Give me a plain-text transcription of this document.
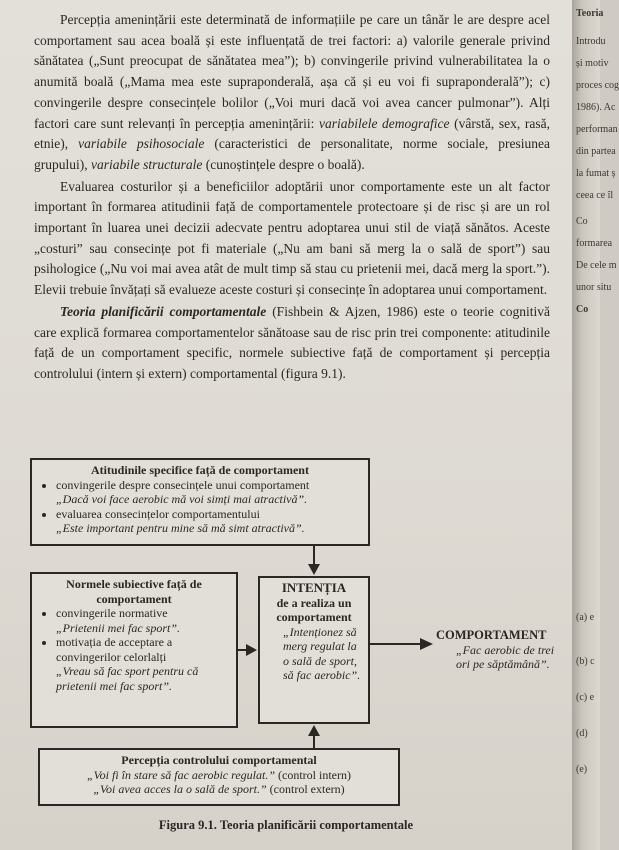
Percepția amenințării este determinată de informațiile pe care un tânăr le are despre acel comportament sau acea boală și este influențată de trei factori: a) valorile generale privind sănătatea („Sunt preocupat de sănătatea mea”); b) convingerile privind vulnerabilitatea la o anumită boală („Mama mea este supraponderală, așa că și eu voi fi supraponderală”); c) convingerile despre consecințele bolilor („Voi muri dacă voi avea cancer pulmonar”). Alți factori care sunt relevanți în percepția amenințării: variabilele demografice (vârstă, sex, rasă, etnie), variabile psihosociale (caracteristici de personalitate, norme sociale, presiunea grupului), variabile structurale (cunoștințele despre o boală).

Evaluarea costurilor și a beneficiilor adoptării unor comportamente este un alt factor important în formarea atitudinii față de comportamentele protectoare și de risc și are un rol important în luarea unei decizii adecvate pentru adoptarea unui stil de viață sănătos. Aceste „costuri” sau consecințe pot fi materiale („Nu am bani să merg la o sală de sport”) sau psihologice („Nu voi mai avea atât de mult timp să stau cu prietenii mei, dacă merg la sport.”). Elevii trebuie învățați să evalueze aceste costuri și consecințe în adoptarea unui comportament.

Teoria planificării comportamentale (Fishbein & Ajzen, 1986) este o teorie cognitivă care explică formarea comportamentelor sănătoase sau de risc prin trei componente: atitudinile față de un comportament specific, normele subiective față de comportament și percepția controlului (intern și extern) comportamental (figura 9.1).

Atitudinile specifice față de comportament
• convingerile despre consecințele unui comportament
„Dacă voi face aerobic mă voi simți mai atractivă”.
• evaluarea consecințelor comportamentului
„Este important pentru mine să mă simt atractivă”.
Normele subiective față de comportament
• convingerile normative
„Prietenii mei fac sport”.
• motivația de acceptare a convingerilor celorlalți
„Vreau să fac sport pentru că prietenii mei fac sport”.
INTENȚIA
de a realiza un comportament
„Intenționez să merg regulat la o sală de sport, să fac aerobic”.
COMPORTAMENT
„Fac aerobic de trei ori pe săptămână”.
Percepția controlului comportamental
„Voi fi în stare să fac aerobic regulat.” (control intern)
„Voi avea acces la o sală de sport.” (control extern)
Figura 9.1. Teoria planificării comportamentale
Teoria
Introdu
și motiv
proces cog
1986). Ac
performan
din partea
la fumat ș
ceea ce îl
Co
formarea
De cele m
unor situ
Co
(a) e
(b) c
(c) e
(d)
(e)
